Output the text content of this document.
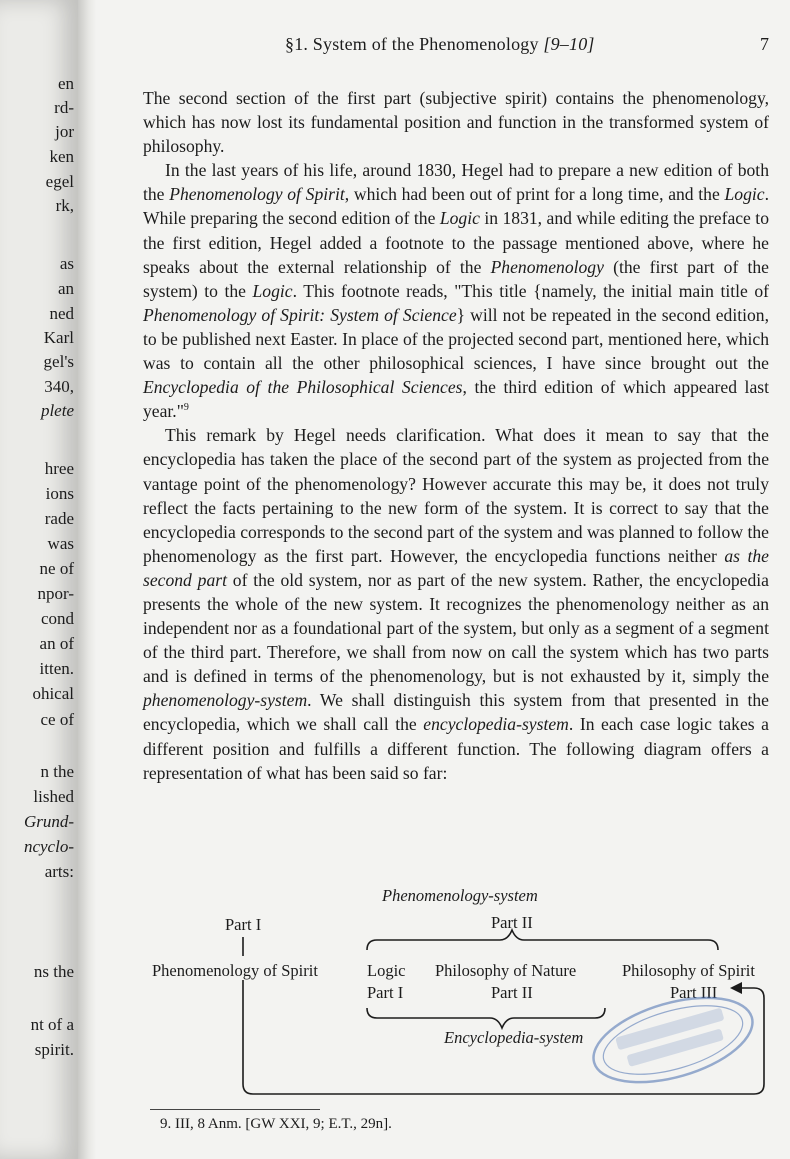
en
rd-
jor
ken
egel
rk,
as
an
ned
Karl
gel's
340,
plete
hree
ions
rade
was
ne of
npor-
cond
an of
itten.
ohical
ce of
n the
lished
Grund-
ncyclo-
arts:
ns the
nt of a
spirit.
§1. System of the Phenomenology [9–10]	7

The second section of the first part (subjective spirit) contains the phenomenology, which has now lost its fundamental position and function in the transformed system of philosophy.

In the last years of his life, around 1830, Hegel had to prepare a new edition of both the Phenomenology of Spirit, which had been out of print for a long time, and the Logic. While preparing the second edition of the Logic in 1831, and while editing the preface to the first edition, Hegel added a footnote to the passage mentioned above, where he speaks about the external relationship of the Phenomenology (the first part of the system) to the Logic. This footnote reads, "This title {namely, the initial main title of Phenomenology of Spirit: System of Science} will not be repeated in the second edition, to be published next Easter. In place of the projected second part, mentioned here, which was to contain all the other philosophical sciences, I have since brought out the Encyclopedia of the Philosophical Sciences, the third edition of which appeared last year."$^9$

This remark by Hegel needs clarification. What does it mean to say that the encyclopedia has taken the place of the second part of the system as projected from the vantage point of the phenomenology? However accurate this may be, it does not truly reflect the facts pertaining to the new form of the system. It is correct to say that the encyclopedia corresponds to the second part of the system and was planned to follow the phenomenology as the first part. However, the encyclopedia functions neither as the second part of the old system, nor as part of the new system. Rather, the encyclopedia presents the whole of the new system. It recognizes the phenomenology neither as an independent nor as a foundational part of the system, but only as a segment of a segment of the third part. Therefore, we shall from now on call the system which has two parts and is defined in terms of the phenomenology, but is not exhausted by it, simply the phenomenology-system. We shall distinguish this system from that presented in the encyclopedia, which we shall call the encyclopedia-system. In each case logic takes a different position and fulfills a different function. The following diagram offers a representation of what has been said so far:

Phenomenology-system
Part I	Part II
Phenomenology of Spirit	Logic
Part I
Philosophy of Nature
Part II
Philosophy of Spirit
Part III
Encyclopedia-system
9. III, 8 Anm. [GW XXI, 9; E.T., 29n].
